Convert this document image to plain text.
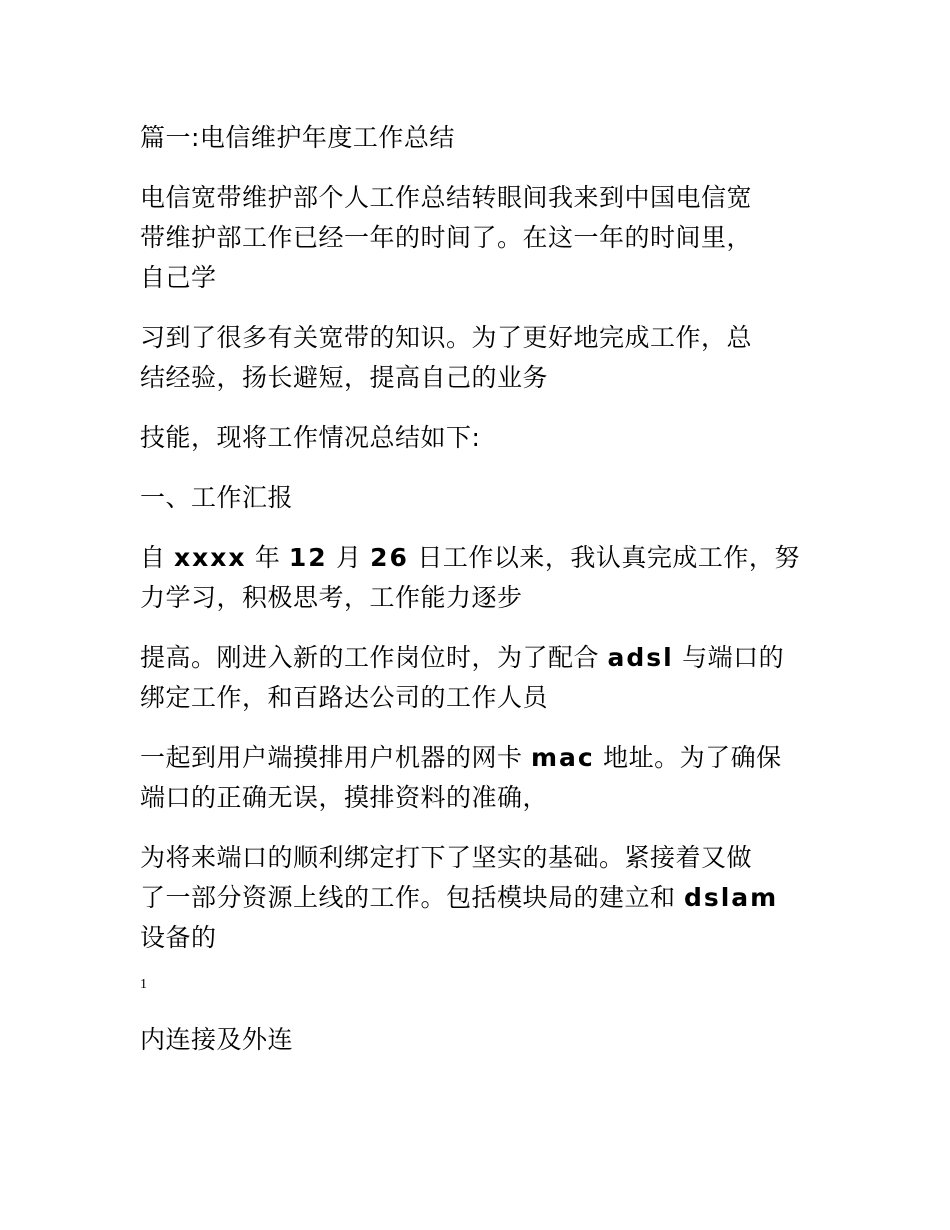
篇一:电信维护年度工作总结
电信宽带维护部个人工作总结转眼间我来到中国电信宽
带维护部工作已经一年的时间了。在这一年的时间里，
自己学
习到了很多有关宽带的知识。为了更好地完成工作，总
结经验，扬长避短，提高自己的业务
技能，现将工作情况总结如下:
一、工作汇报
自 xxxx 年 12 月 26 日工作以来，我认真完成工作，努
力学习，积极思考，工作能力逐步
提高。刚进入新的工作岗位时，为了配合 adsl 与端口的
绑定工作，和百路达公司的工作人员
一起到用户端摸排用户机器的网卡 mac 地址。为了确保
端口的正确无误，摸排资料的准确，
为将来端口的顺利绑定打下了坚实的基础。紧接着又做
了一部分资源上线的工作。包括模块局的建立和 dslam
设备的
1
内连接及外连
